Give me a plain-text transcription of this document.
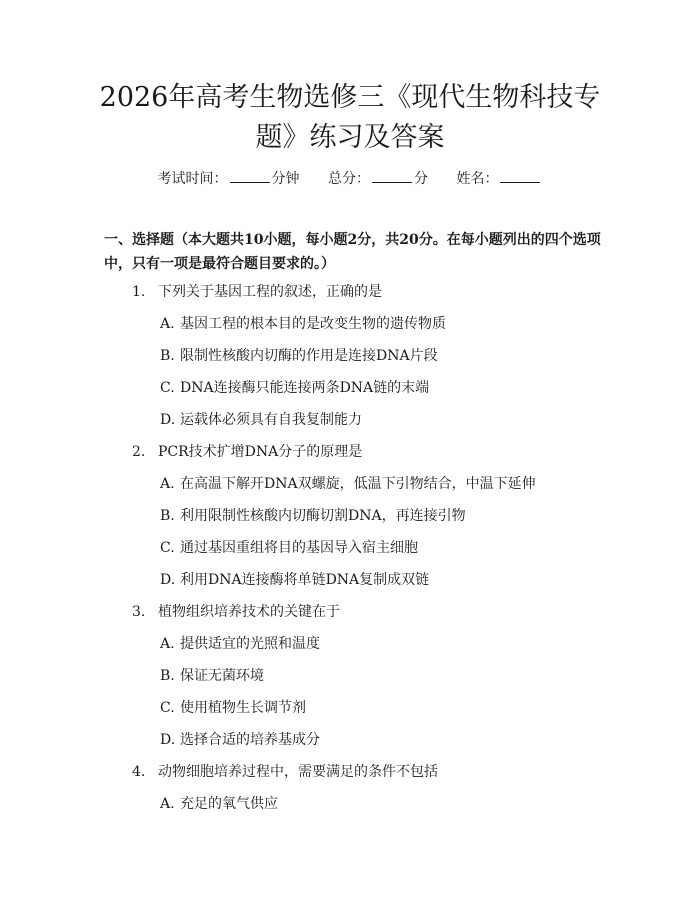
2026年高考生物选修三《现代生物科技专题》练习及答案
考试时间：	分钟 总分：	分 姓名：

一、选择题（本大题共10小题，每小题2分，共20分。在每小题列出的四个选项中，只有一项是最符合题目要求的。）

1. 下列关于基因工程的叙述，正确的是
A. 基因工程的根本目的是改变生物的遗传物质
B. 限制性核酸内切酶的作用是连接DNA片段
C. DNA连接酶只能连接两条DNA链的末端
D. 运载体必须具有自我复制能力
2. PCR技术扩增DNA分子的原理是
A. 在高温下解开DNA双螺旋，低温下引物结合，中温下延伸
B. 利用限制性核酸内切酶切割DNA，再连接引物
C. 通过基因重组将目的基因导入宿主细胞
D. 利用DNA连接酶将单链DNA复制成双链
3. 植物组织培养技术的关键在于
A. 提供适宜的光照和温度
B. 保证无菌环境
C. 使用植物生长调节剂
D. 选择合适的培养基成分
4. 动物细胞培养过程中，需要满足的条件不包括
A. 充足的氧气供应
